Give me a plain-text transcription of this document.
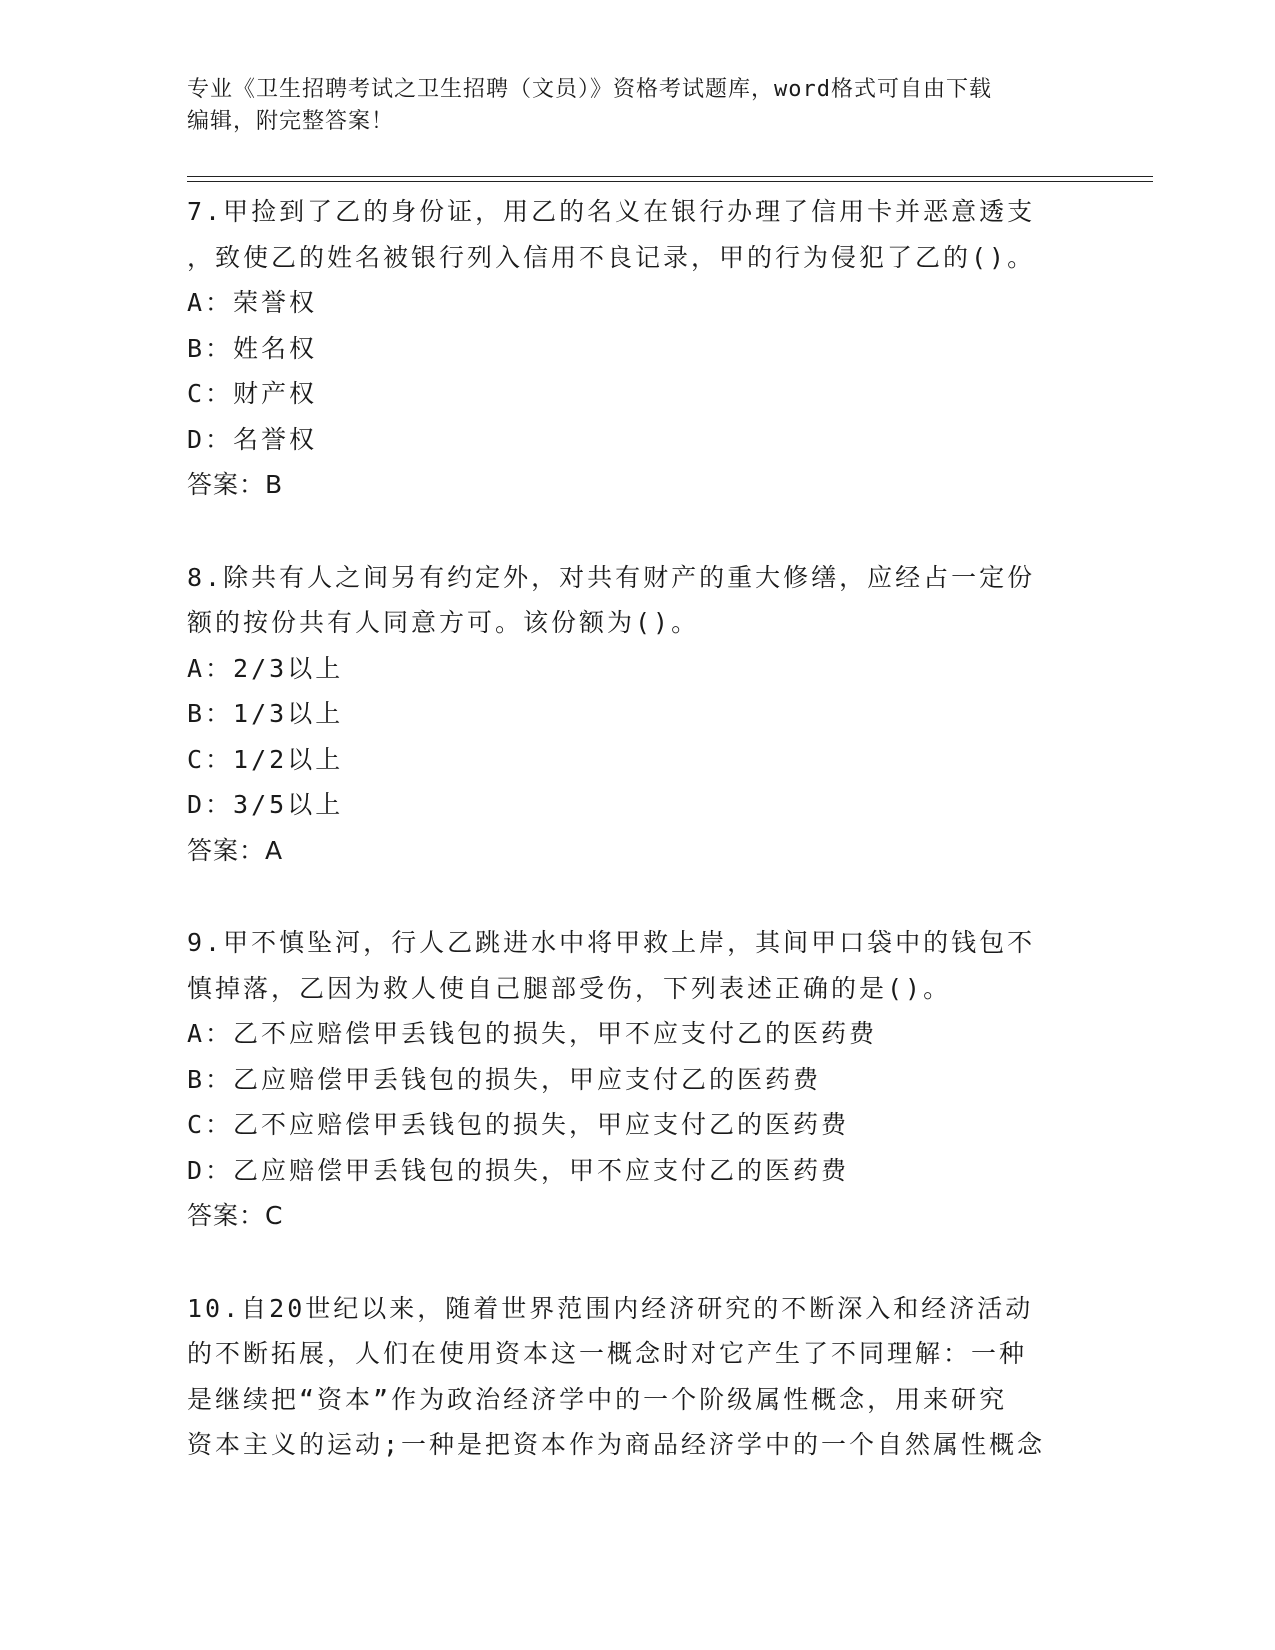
专业《卫生招聘考试之卫生招聘（文员）》资格考试题库，word格式可自由下载
编辑，附完整答案！
7.甲捡到了乙的身份证，用乙的名义在银行办理了信用卡并恶意透支
，致使乙的姓名被银行列入信用不良记录，甲的行为侵犯了乙的()。
A：荣誉权
B：姓名权
C：财产权
D：名誉权
答案：B
8.除共有人之间另有约定外，对共有财产的重大修缮，应经占一定份
额的按份共有人同意方可。该份额为()。
A：2/3以上
B：1/3以上
C：1/2以上
D：3/5以上
答案：A
9.甲不慎坠河，行人乙跳进水中将甲救上岸，其间甲口袋中的钱包不
慎掉落，乙因为救人使自己腿部受伤，下列表述正确的是()。
A：乙不应赔偿甲丢钱包的损失，甲不应支付乙的医药费
B：乙应赔偿甲丢钱包的损失，甲应支付乙的医药费
C：乙不应赔偿甲丢钱包的损失，甲应支付乙的医药费
D：乙应赔偿甲丢钱包的损失，甲不应支付乙的医药费
答案：C
10.自20世纪以来，随着世界范围内经济研究的不断深入和经济活动
的不断拓展，人们在使用资本这一概念时对它产生了不同理解：一种
是继续把“资本”作为政治经济学中的一个阶级属性概念，用来研究
资本主义的运动;一种是把资本作为商品经济学中的一个自然属性概念
